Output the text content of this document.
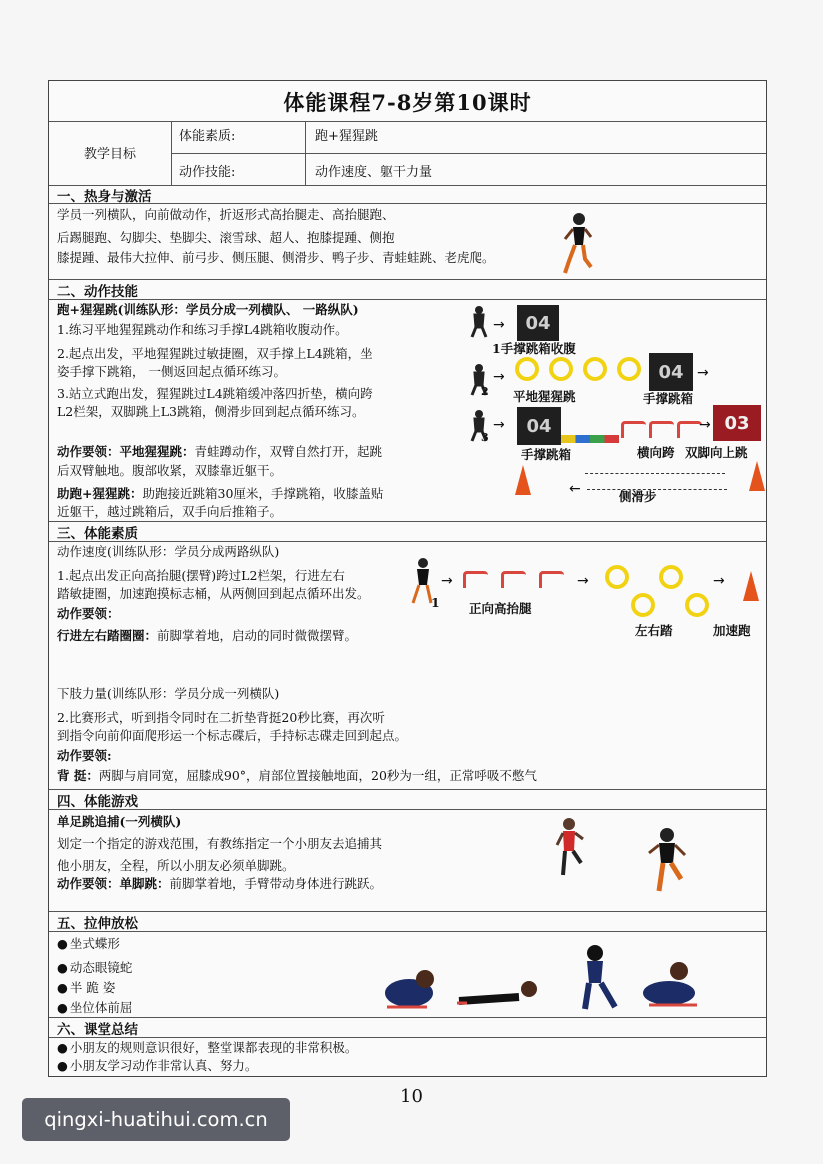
体能课程7-8岁第10课时
教学目标
体能素质:	跑+猩猩跳
动作技能:	动作速度、躯干力量
一、热身与激活
学员一列横队，向前做动作，折返形式高抬腿走、高抬腿跑、
后踢腿跑、勾脚尖、垫脚尖、滚雪球、超人、抱膝提踵、侧抱
膝提踵、最伟大拉伸、前弓步、侧压腿、侧滑步、鸭子步、青蛙蛙跳、老虎爬。
二、动作技能
跑+猩猩跳(训练队形：学员分成一列横队、 一路纵队)
1.练习平地猩猩跳动作和练习手撑L4跳箱收腹动作。
2.起点出发，平地猩猩跳过敏捷圈，双手撑上L4跳箱，坐
姿手撑下跳箱， 一侧返回起点循环练习。
3.站立式跑出发，猩猩跳过L4跳箱缓冲落四折垫，横向跨
L2栏架，双脚跳上L3跳箱，侧滑步回到起点循环练习。
动作要领：平地猩猩跳：青蛙蹲动作，双臂自然打开，起跳
后双臂触地。腹部收紧，双膝靠近躯干。
助跑+猩猩跳：助跑接近跳箱30厘米，手撑跳箱，收膝盖贴
近躯干，越过跳箱后，双手向后推箱子。
→	04
1手撑跳箱收腹
2
→	04 →
平地猩猩跳	手撑跳箱
3
→	04	→ 03
手撑跳箱	横向跨 双脚向上跳
←	侧滑步
三、体能素质
动作速度(训练队形：学员分成两路纵队)
1.起点出发正向高抬腿(摆臂)跨过L2栏架，行进左右
踏敏捷圈，加速跑摸标志桶，从两侧回到起点循环出发。
动作要领：
行进左右踏圈圈：前脚掌着地，启动的同时微微摆臂。
1
→	→	→
正向高抬腿
左右踏	加速跑
下肢力量(训练队形：学员分成一列横队)
2.比赛形式，听到指令同时在二折垫背挺20秒比赛，再次听
到指令向前仰面爬形运一个标志碟后，手持标志碟走回到起点。
动作要领:
背 挺：两脚与肩同宽，屈膝成90°，肩部位置接触地面，20秒为一组，正常呼吸不憋气
四、体能游戏
单足跳追捕(一列横队)
划定一个指定的游戏范围，有教练指定一个小朋友去追捕其
他小朋友，全程，所以小朋友必须单脚跳。
动作要领：单脚跳：前脚掌着地，手臂带动身体进行跳跃。
五、拉伸放松
● 坐式蝶形
● 动态眼镜蛇
● 半 跪 姿
● 坐位体前屈
六、课堂总结
● 小朋友的规则意识很好，整堂课都表现的非常积极。
● 小朋友学习动作非常认真、努力。
10
qingxi-huatihui.com.cn
